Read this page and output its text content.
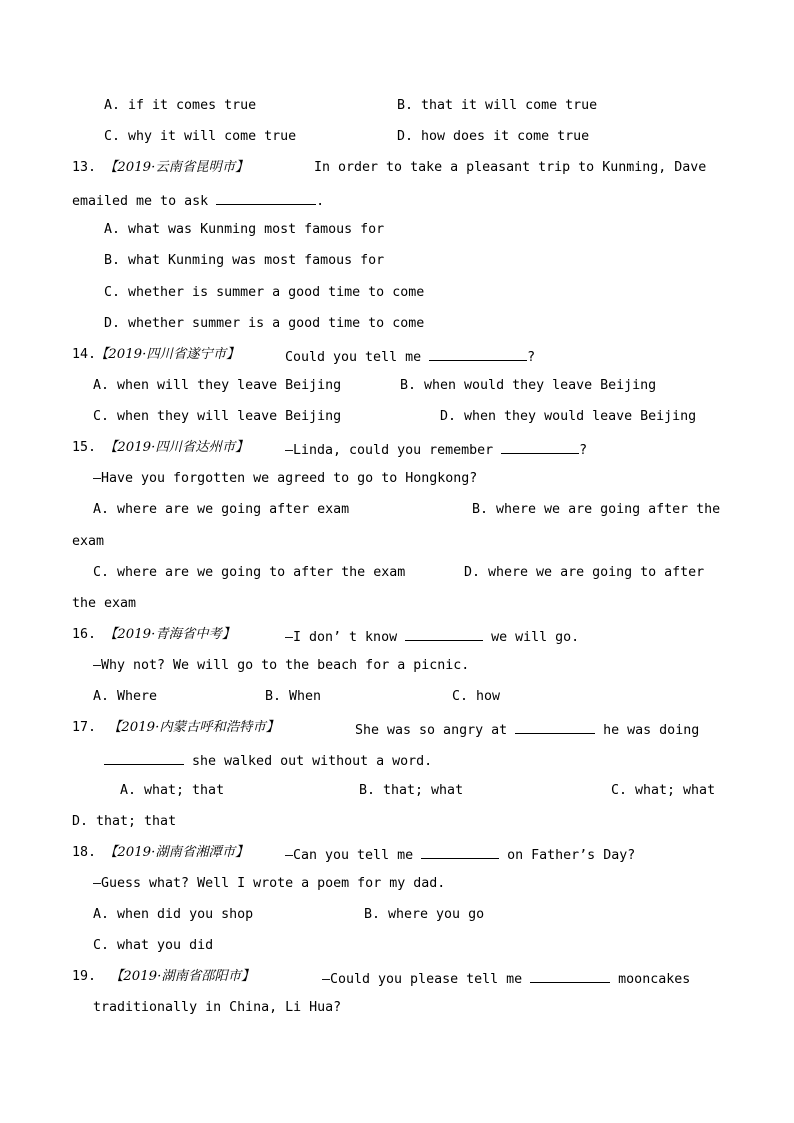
A. if it comes true	B. that it will come true
C. why it will come true	D. how does it come true
13. 【2019·云南省昆明市】	In order to take a pleasant trip to Kunming, Dave
emailed me to ask	.
A. what was Kunming most famous for
B. what Kunming was most famous for
C. whether is summer a good time to come
D. whether summer is a good time to come
14.
【2019·四川省遂宁市】	Could you tell me	?
A. when will they leave Beijing	B. when would they leave Beijing
C. when they will leave Beijing	D. when they would leave Beijing
15. 【2019·四川省达州市】	—Linda, could you remember	?
—Have you forgotten we agreed to go to Hongkong?
A. where are we going after exam	B. where we are going after the
exam
C. where are we going to after the exam	D. where we are going to after
the exam
16. 【2019·青海省中考】	—I don’ t know	we will go.
—Why not? We will go to the beach for a picnic.
A. Where	B. When	C. how
17. 【2019·内蒙古呼和浩特市】	She was so angry at	he was doing
she walked out without a word.
A. what; that	B. that; what	C. what; what
D. that; that
18. 【2019·湖南省湘潭市】	—Can you tell me	on Father’s Day?
—Guess what? Well I wrote a poem for my dad.
A. when did you shop	B. where you go
C. what you did
19. 【2019·湖南省邵阳市】	—Could you please tell me	mooncakes
traditionally in China, Li Hua?
